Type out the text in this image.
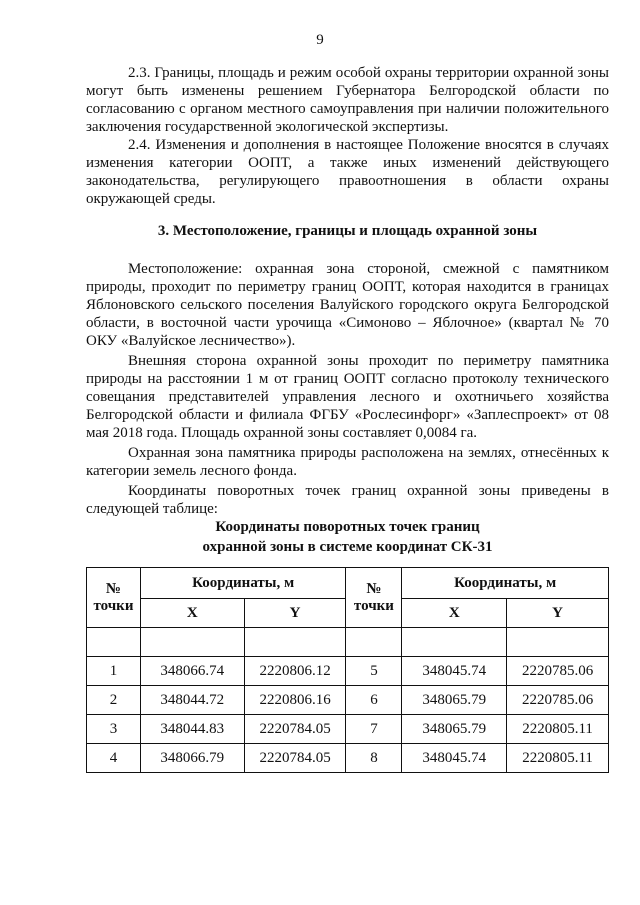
9

2.3. Границы, площадь и режим особой охраны территории охранной зоны могут быть изменены решением Губернатора Белгородской области по согласованию с органом местного самоуправления при наличии положительного заключения государственной экологической экспертизы.

2.4. Изменения и дополнения в настоящее Положение вносятся в случаях изменения категории ООПТ, а также иных изменений действующего законодательства, регулирующего правоотношения в области охраны окружающей среды.

3. Местоположение, границы и площадь охранной зоны

Местоположение: охранная зона стороной, смежной с памятником природы, проходит по периметру границ ООПТ, которая находится в границах Яблоновского сельского поселения Валуйского городского округа Белгородской области, в восточной части урочища «Симоново – Яблочное» (квартал № 70 ОКУ «Валуйское лесничество»).

Внешняя сторона охранной зоны проходит по периметру памятника природы на расстоянии 1 м от границ ООПТ согласно протоколу технического совещания представителей управления лесного и охотничьего хозяйства Белгородской области и филиала ФГБУ «Рослесинфорг» «Заплеспроект» от 08 мая 2018 года. Площадь охранной зоны составляет 0,0084 га.

Охранная зона памятника природы расположена на землях, отнесённых к категории земель лесного фонда.

Координаты поворотных точек границ охранной зоны приведены в следующей таблице:

Координаты поворотных точек границ
охранной зоны в системе координат СК-31
№ точки	Координаты, м		№ точки	Координаты, м	
	X	Y		X	Y

1	348066.74	2220806.12	5	348045.74	2220785.06
2	348044.72	2220806.16	6	348065.79	2220785.06
3	348044.83	2220784.05	7	348065.79	2220805.11
4	348066.79	2220784.05	8	348045.74	2220805.11
